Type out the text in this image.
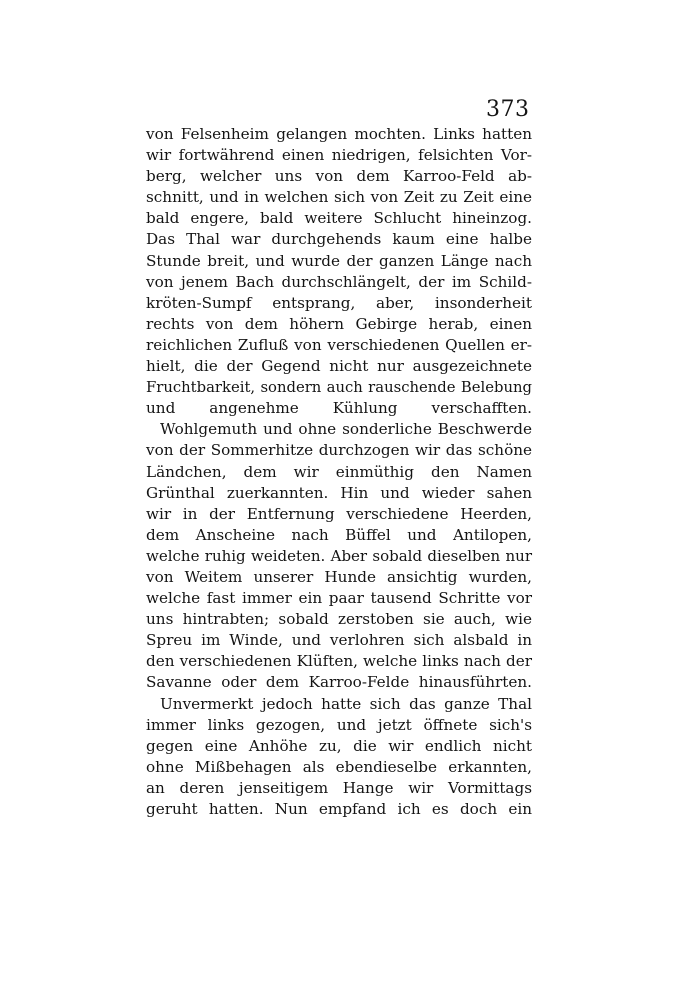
373

von Felsenheim gelangen mochten. Links hatten
wir fortwährend einen niedrigen, felsichten Vor-
berg, welcher uns von dem Karroo-Feld ab-
schnitt, und in welchen sich von Zeit zu Zeit eine
bald engere, bald weitere Schlucht hineinzog.
Das Thal war durchgehends kaum eine halbe
Stunde breit, und wurde der ganzen Länge nach
von jenem Bach durchschlängelt, der im Schild-
kröten-Sumpf entsprang, aber, insonderheit
rechts von dem höhern Gebirge herab, einen
reichlichen Zufluß von verschiedenen Quellen er-
hielt, die der Gegend nicht nur ausgezeichnete
Fruchtbarkeit, sondern auch rauschende Belebung
und angenehme Kühlung verschafften.

Wohlgemuth und ohne sonderliche Beschwerde
von der Sommerhitze durchzogen wir das schöne
Ländchen, dem wir einmüthig den Namen
Grünthal zuerkannten. Hin und wieder sahen
wir in der Entfernung verschiedene Heerden,
dem Anscheine nach Büffel und Antilopen,
welche ruhig weideten. Aber sobald dieselben nur
von Weitem unserer Hunde ansichtig wurden,
welche fast immer ein paar tausend Schritte vor
uns hintrabten; sobald zerstoben sie auch, wie
Spreu im Winde, und verlohren sich alsbald in
den verschiedenen Klüften, welche links nach der
Savanne oder dem Karroo-Felde hinausführten.

Unvermerkt jedoch hatte sich das ganze Thal
immer links gezogen, und jetzt öffnete sich's
gegen eine Anhöhe zu, die wir endlich nicht
ohne Mißbehagen als ebendieselbe erkannten,
an deren jenseitigem Hange wir Vormittags
geruht hatten. Nun empfand ich es doch ein
